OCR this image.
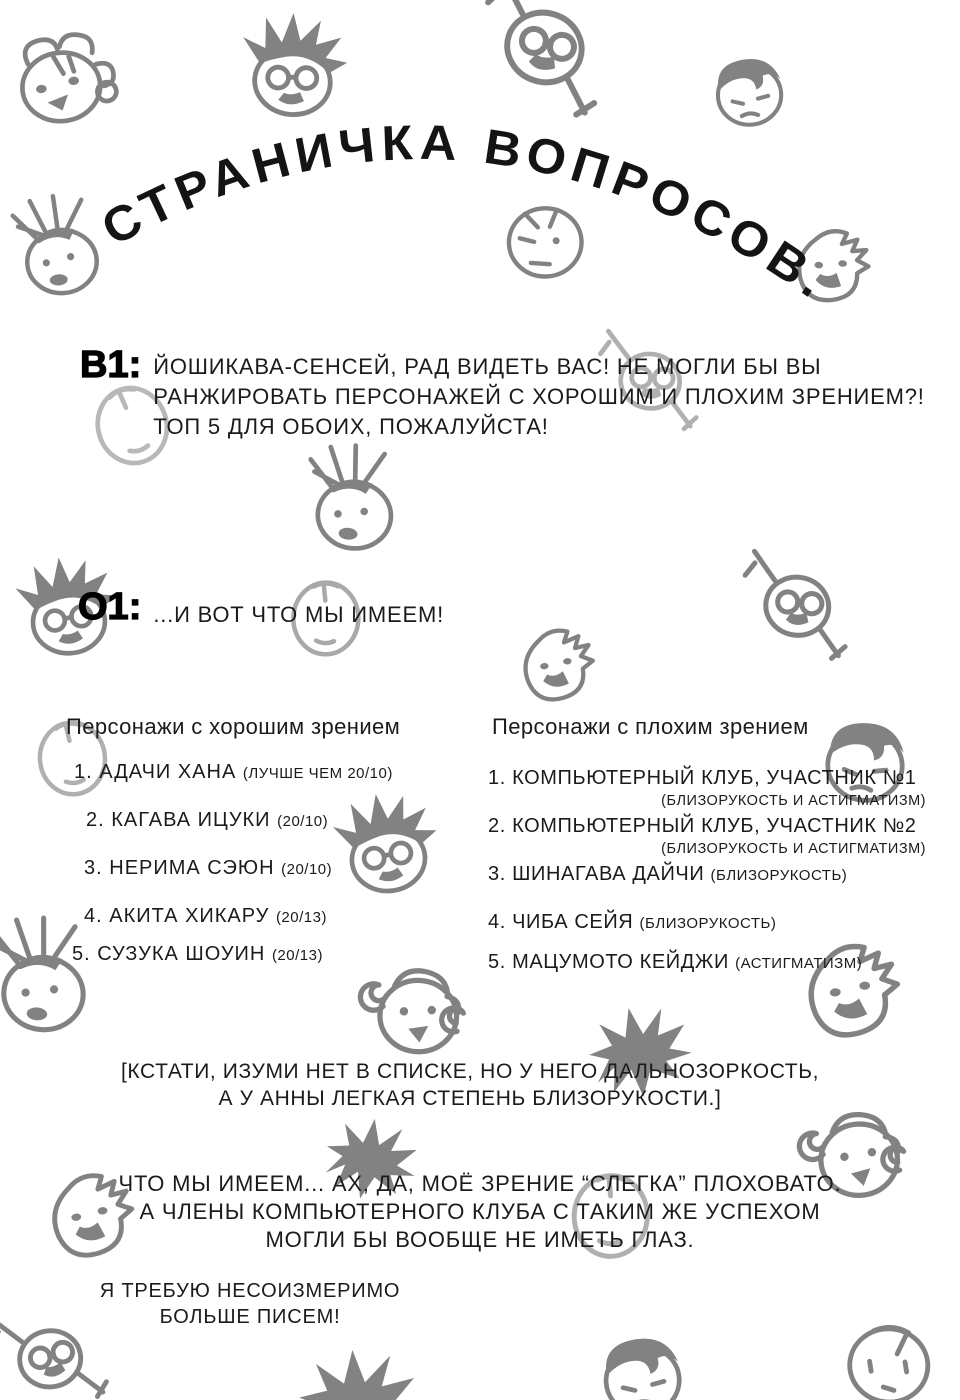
СТРАНИЧКА ВОПРОСОВ.
В1: ЙОШИКАВА-СЕНСЕЙ, РАД ВИДЕТЬ ВАС! НЕ МОГЛИ БЫ ВЫ
РАНЖИРОВАТЬ ПЕРСОНАЖЕЙ С ХОРОШИМ И ПЛОХИМ ЗРЕНИЕМ?!
ТОП 5 ДЛЯ ОБОИХ, ПОЖАЛУЙСТА!
О1: ...И ВОТ ЧТО МЫ ИМЕЕМ!
Персонажи с хорошим зрением
1. АДАЧИ ХАНА (ЛУЧШЕ ЧЕМ 20/10)
2. КАГАВА ИЦУКИ (20/10)
3. НЕРИМА СЭЮН (20/10)
4. АКИТА ХИКАРУ (20/13)
5. СУЗУКА ШОУИН (20/13)
Персонажи с плохим зрением
1. КОМПЬЮТЕРНЫЙ КЛУБ, УЧАСТНИК №1
(БЛИЗОРУКОСТЬ И АСТИГМАТИЗМ)
2. КОМПЬЮТЕРНЫЙ КЛУБ, УЧАСТНИК №2
(БЛИЗОРУКОСТЬ И АСТИГМАТИЗМ)
3. ШИНАГАВА ДАЙЧИ (БЛИЗОРУКОСТЬ)
4. ЧИБА СЕЙЯ (БЛИЗОРУКОСТЬ)
5. МАЦУМОТО КЕЙДЖИ (АСТИГМАТИЗМ)
[КСТАТИ, ИЗУМИ НЕТ В СПИСКЕ, НО У НЕГО ДАЛЬНОЗОРКОСТЬ,
А У АННЫ ЛЕГКАЯ СТЕПЕНЬ БЛИЗОРУКОСТИ.]
ЧТО МЫ ИМЕЕМ... АХ, ДА, МОЁ ЗРЕНИЕ “СЛЕГКА” ПЛОХОВАТО.
А ЧЛЕНЫ КОМПЬЮТЕРНОГО КЛУБА С ТАКИМ ЖЕ УСПЕХОМ
МОГЛИ БЫ ВООБЩЕ НЕ ИМЕТЬ ГЛАЗ.
Я ТРЕБУЮ НЕСОИЗМЕРИМО
БОЛЬШЕ ПИСЕМ!
